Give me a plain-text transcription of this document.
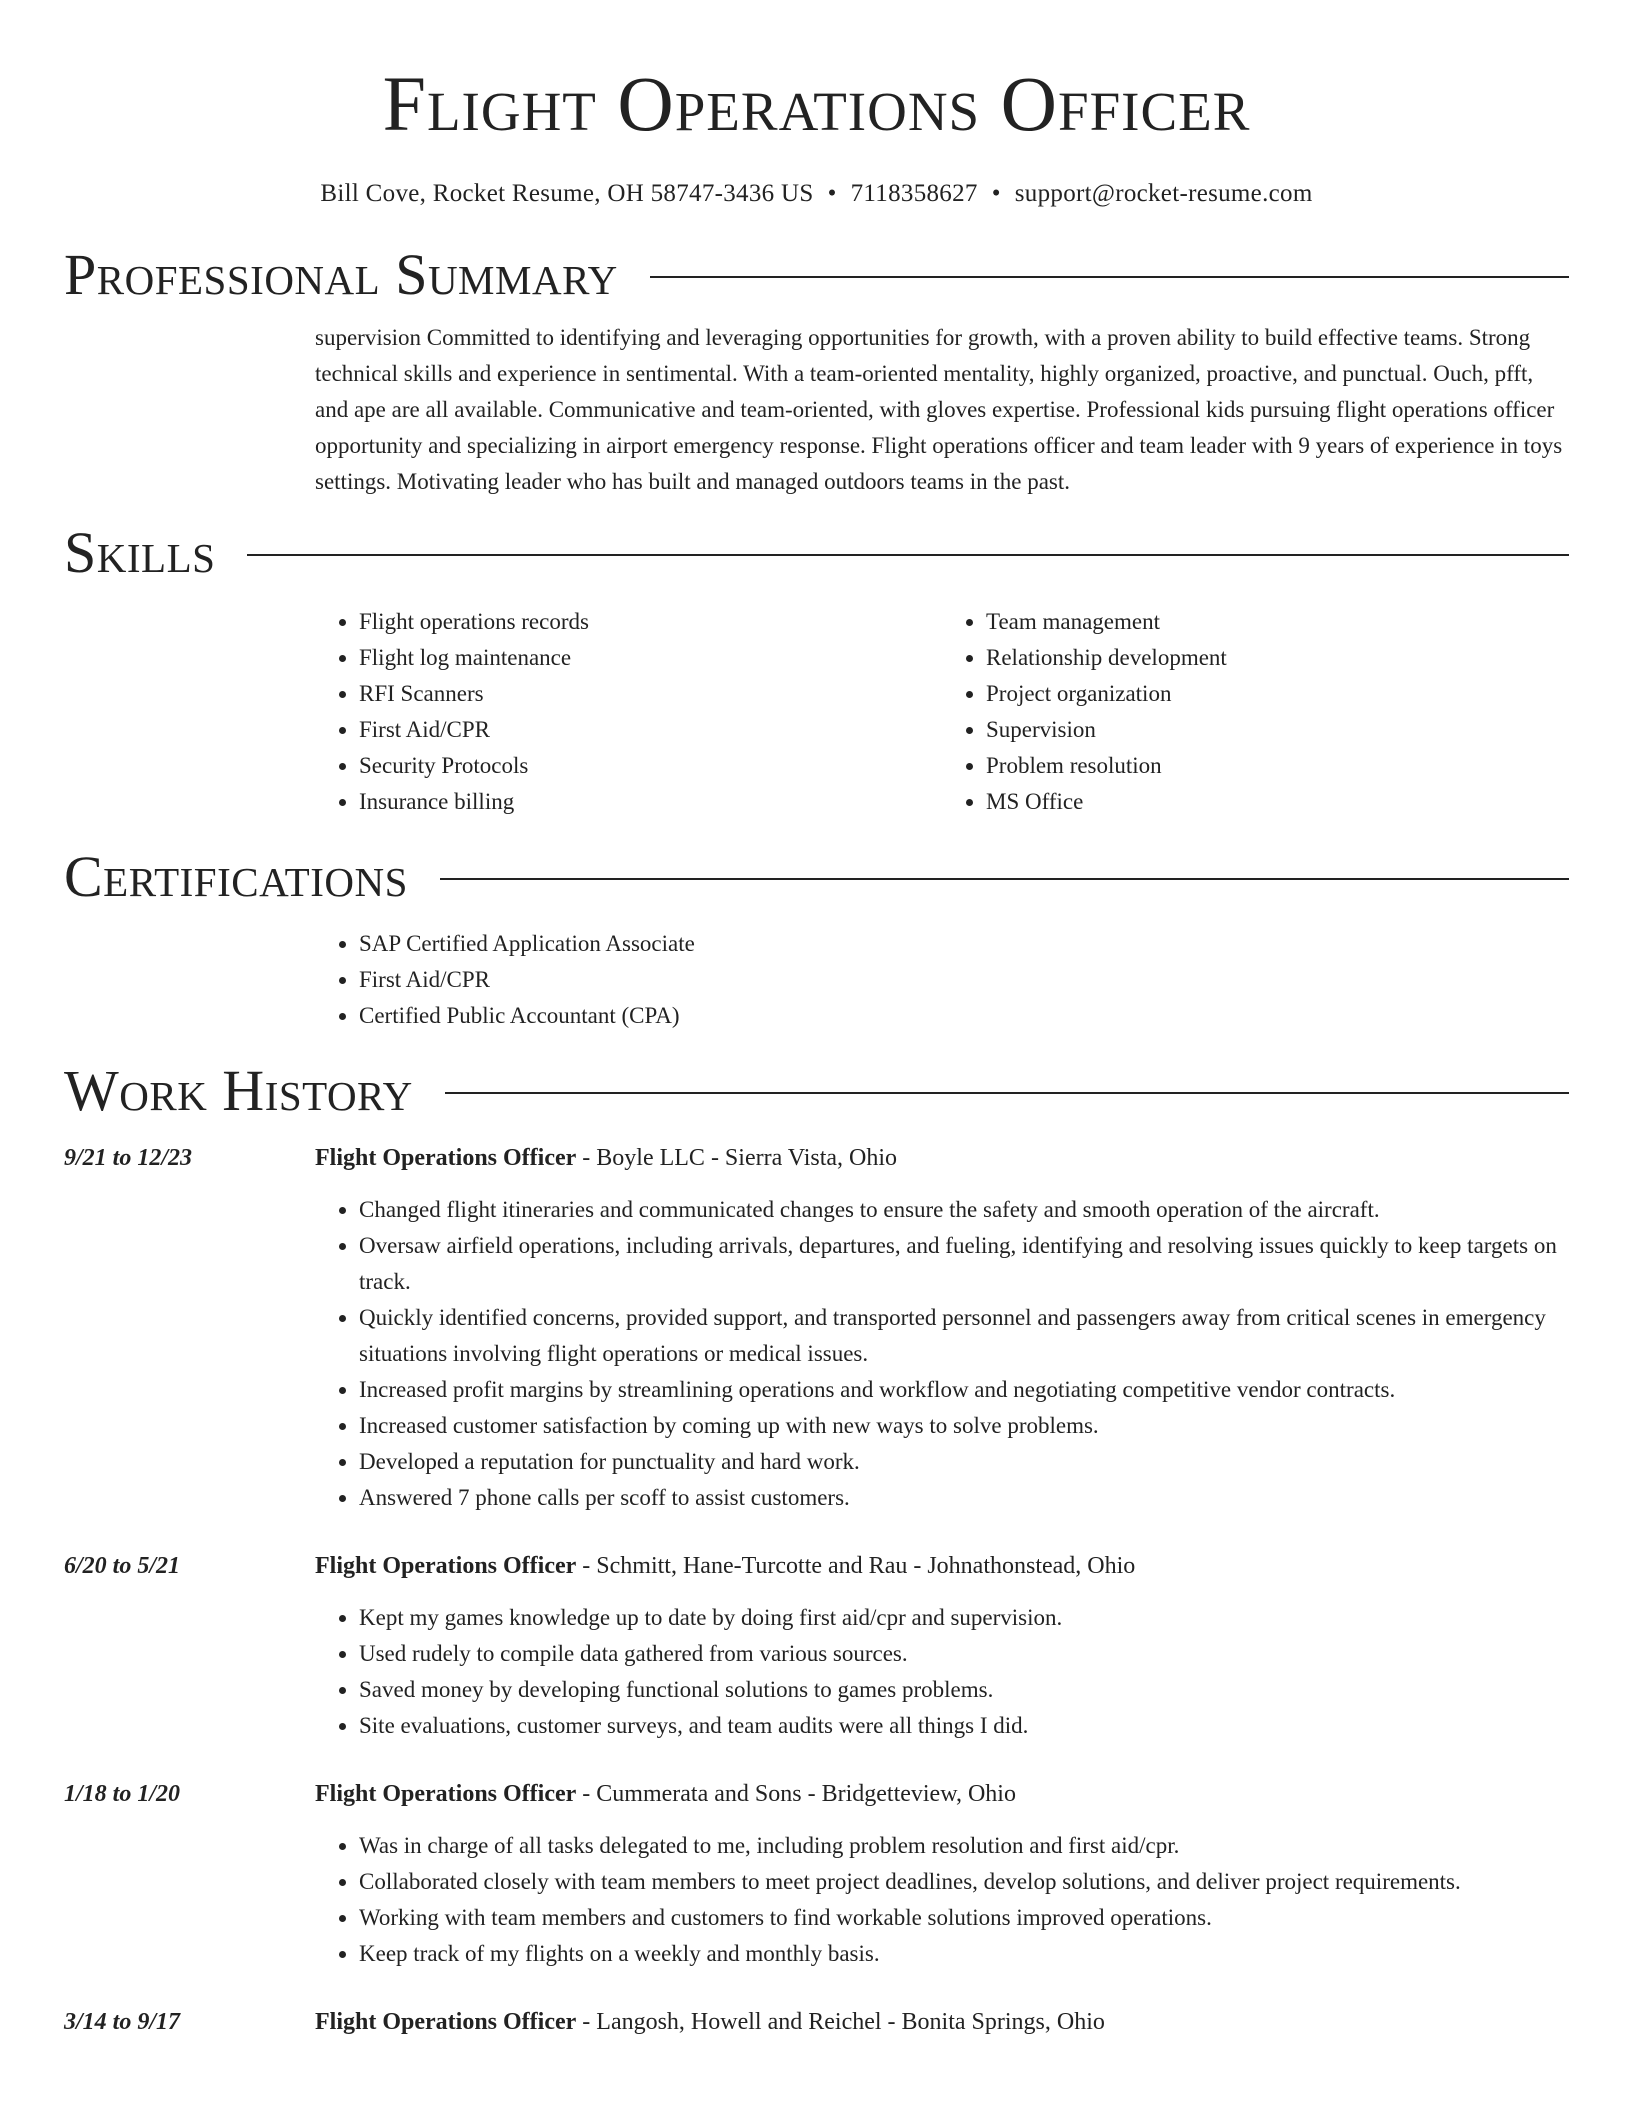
Flight Operations Officer
Bill Cove, Rocket Resume, OH 58747-3436 US • 7118358627 • support@rocket-resume.com
Professional Summary

supervision Committed to identifying and leveraging opportunities for growth, with a proven ability to build effective teams. Strong technical skills and experience in sentimental. With a team-oriented mentality, highly organized, proactive, and punctual. Ouch, pfft, and ape are all available. Communicative and team-oriented, with gloves expertise. Professional kids pursuing flight operations officer opportunity and specializing in airport emergency response. Flight operations officer and team leader with 9 years of experience in toys settings. Motivating leader who has built and managed outdoors teams in the past.

Skills
• Flight operations records
• Flight log maintenance
• RFI Scanners
• First Aid/CPR
• Security Protocols
• Insurance billing
• Team management
• Relationship development
• Project organization
• Supervision
• Problem resolution
• MS Office
Certifications
• SAP Certified Application Associate
• First Aid/CPR
• Certified Public Accountant (CPA)
Work History
9/21 to 12/23	Flight Operations Officer - Boyle LLC - Sierra Vista, Ohio
• Changed flight itineraries and communicated changes to ensure the safety and smooth operation of the aircraft.
• Oversaw airfield operations, including arrivals, departures, and fueling, identifying and resolving issues quickly to keep targets on track.
• Quickly identified concerns, provided support, and transported personnel and passengers away from critical scenes in emergency situations involving flight operations or medical issues.
• Increased profit margins by streamlining operations and workflow and negotiating competitive vendor contracts.
• Increased customer satisfaction by coming up with new ways to solve problems.
• Developed a reputation for punctuality and hard work.
• Answered 7 phone calls per scoff to assist customers.
6/20 to 5/21	Flight Operations Officer - Schmitt, Hane-Turcotte and Rau - Johnathonstead, Ohio
• Kept my games knowledge up to date by doing first aid/cpr and supervision.
• Used rudely to compile data gathered from various sources.
• Saved money by developing functional solutions to games problems.
• Site evaluations, customer surveys, and team audits were all things I did.
1/18 to 1/20	Flight Operations Officer - Cummerata and Sons - Bridgetteview, Ohio
• Was in charge of all tasks delegated to me, including problem resolution and first aid/cpr.
• Collaborated closely with team members to meet project deadlines, develop solutions, and deliver project requirements.
• Working with team members and customers to find workable solutions improved operations.
• Keep track of my flights on a weekly and monthly basis.
3/14 to 9/17	Flight Operations Officer - Langosh, Howell and Reichel - Bonita Springs, Ohio
